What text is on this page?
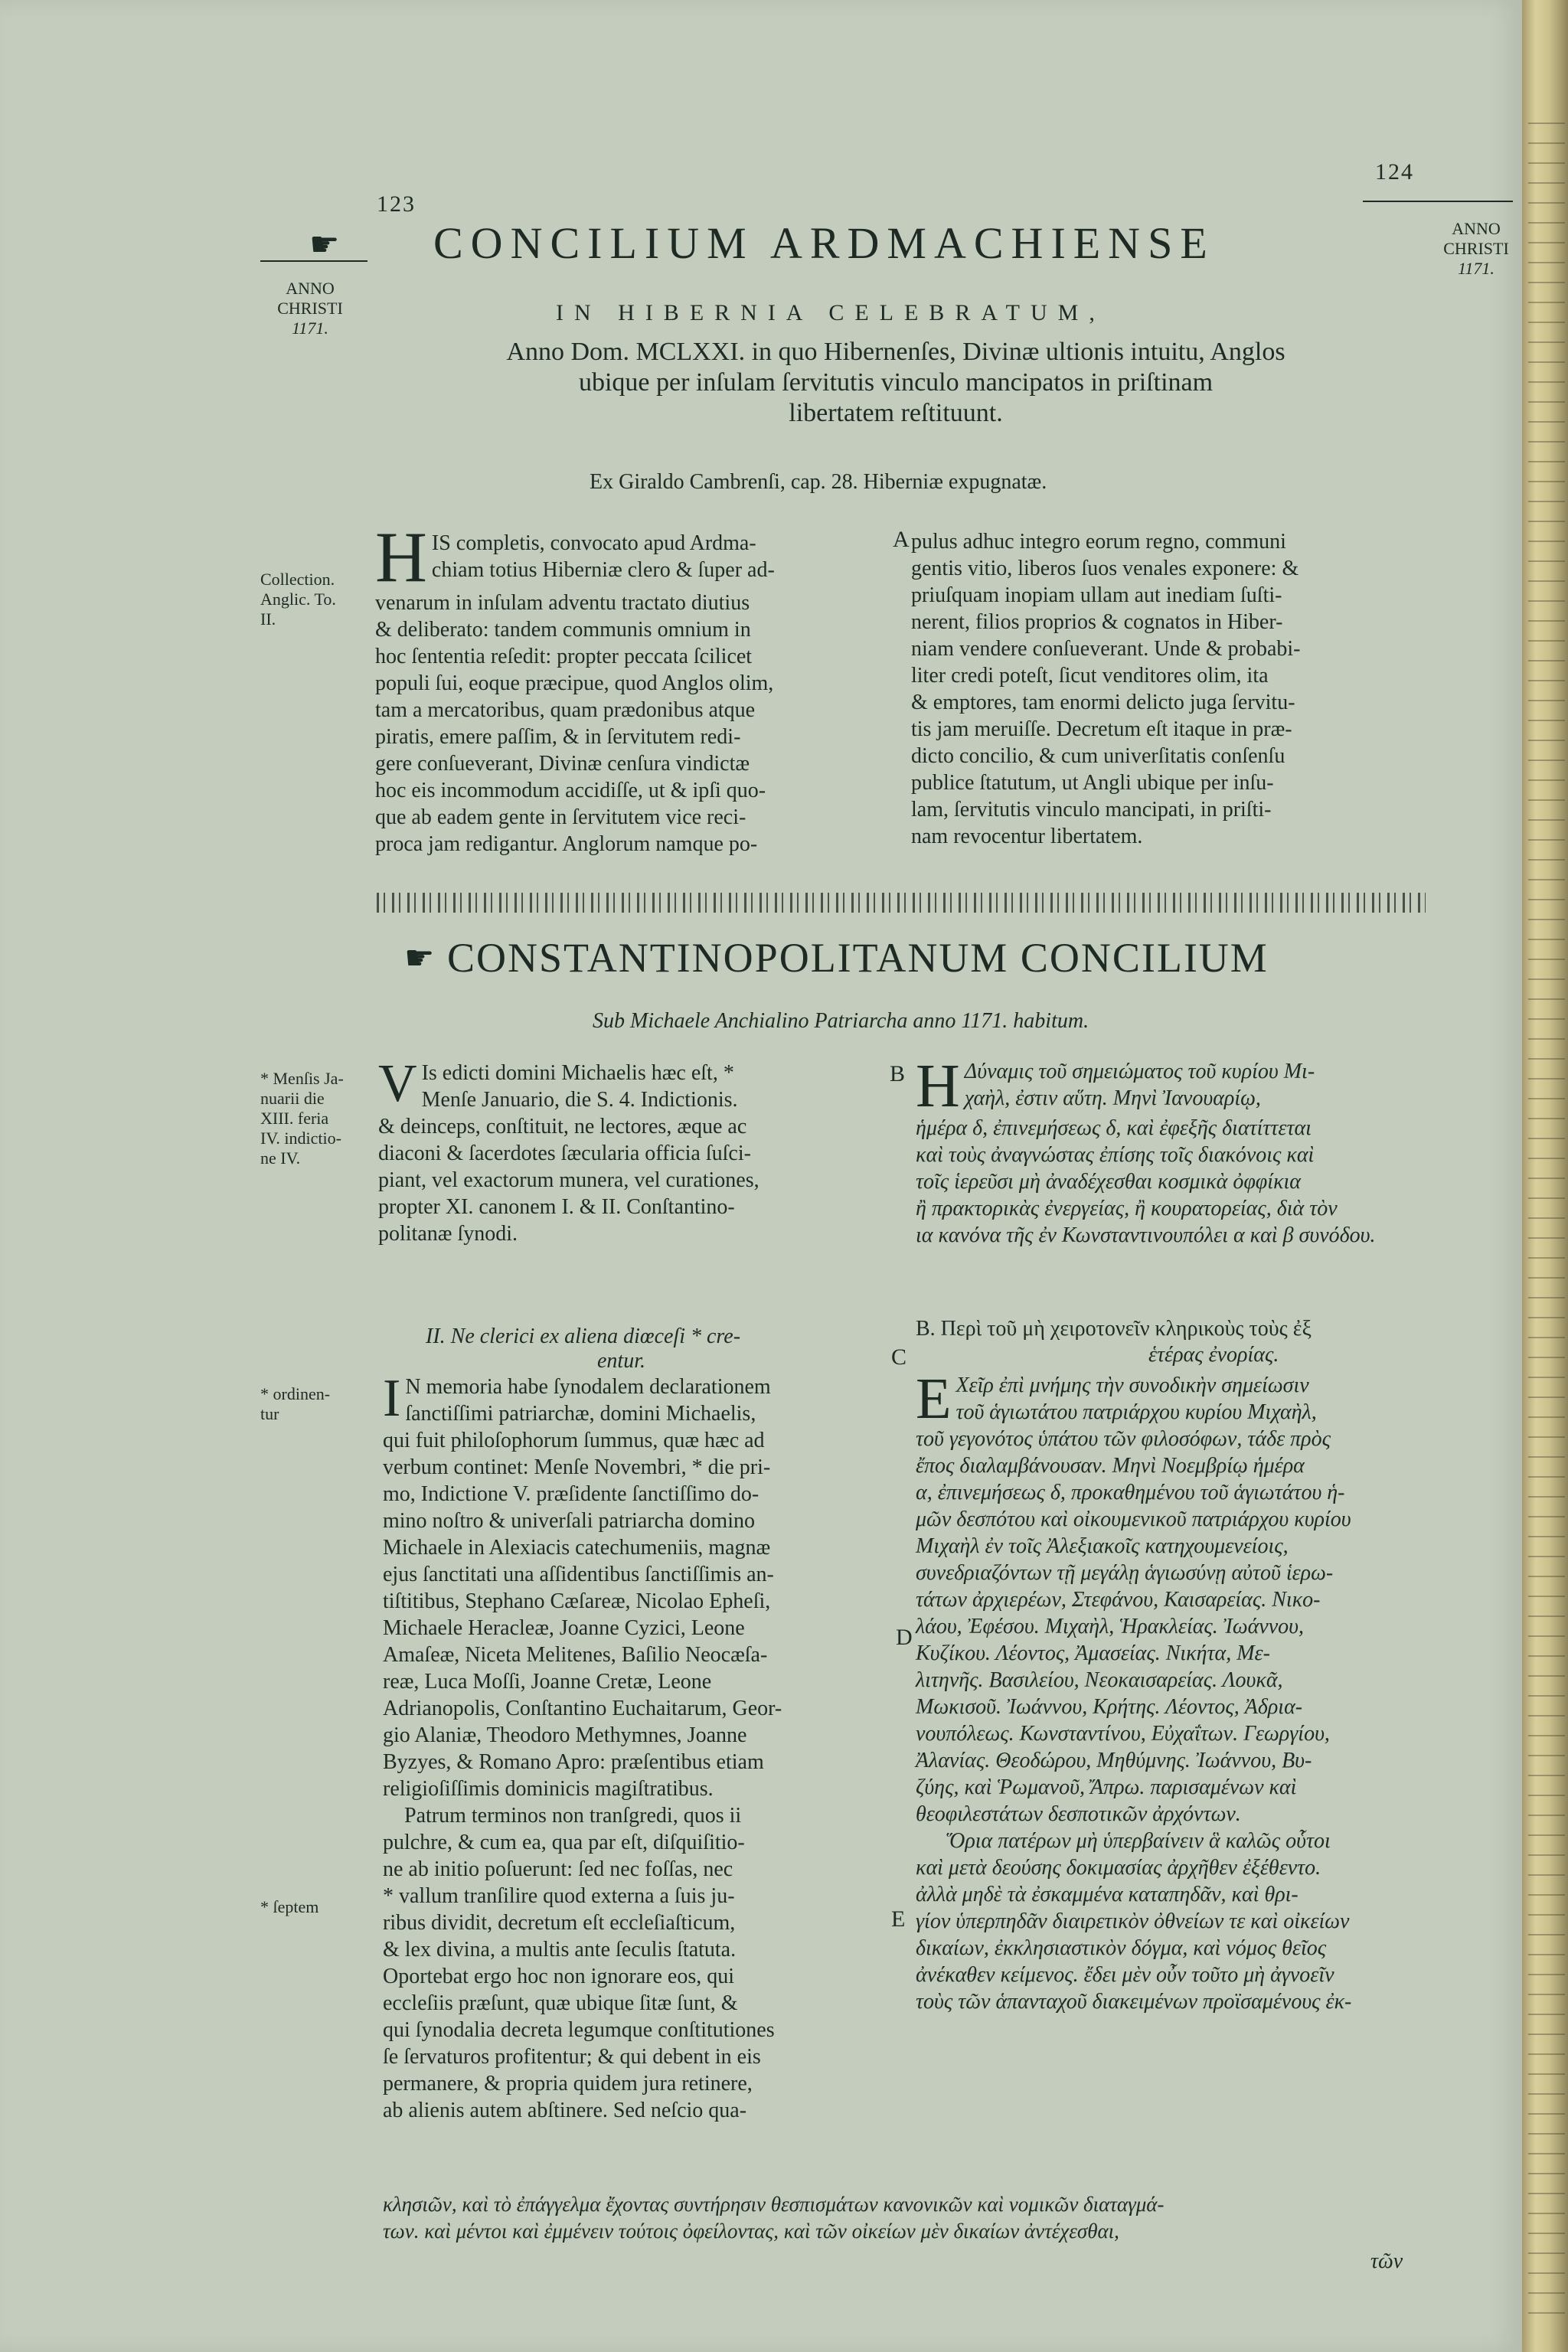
123
124
☛
ANNO
CHRISTI
1171.
ANNO
CHRISTI
1171.
CONCILIUM ARDMACHIENSE
IN HIBERNIA CELEBRATUM,
Anno Dom. MCLXXI. in quo Hibernenſes, Divinæ ultionis intuitu, Anglos
ubique per inſulam ſervitutis vinculo mancipatos in priſtinam
libertatem reſtituunt.
Ex Giraldo Cambrenſi, cap. 28. Hiberniæ expugnatæ.
Collection.
Anglic. To.
II.
H IS completis, convocato apud Ardma-
chiam totius Hiberniæ clero & ſuper ad-
venarum in inſulam adventu tractato diutius
& deliberato: tandem communis omnium in
hoc ſententia reſedit: propter peccata ſcilicet
populi ſui, eoque præcipue, quod Anglos olim,
tam a mercatoribus, quam prædonibus atque
piratis, emere paſſim, & in ſervitutem redi-
gere conſueverant, Divinæ cenſura vindictæ
hoc eis incommodum accidiſſe, ut & ipſi quo-
que ab eadem gente in ſervitutem vice reci-
proca jam redigantur. Anglorum namque po-
A pulus adhuc integro eorum regno, communi
gentis vitio, liberos ſuos venales exponere: &
priuſquam inopiam ullam aut inediam ſuſti-
nerent, filios proprios & cognatos in Hiber-
niam vendere conſueverant. Unde & probabi-
liter credi poteſt, ſicut venditores olim, ita
& emptores, tam enormi delicto juga ſervitu-
tis jam meruiſſe. Decretum eſt itaque in præ-
dicto concilio, & cum univerſitatis conſenſu
publice ſtatutum, ut Angli ubique per inſu-
lam, ſervitutis vinculo mancipati, in priſti-
nam revocentur libertatem.
☛ CONSTANTINOPOLITANUM CONCILIUM
Sub Michaele Anchialino Patriarcha anno 1171. habitum.
* Menſis Ja-
nuarii die
XIII. feria
IV. indictio-
ne IV.
V Is edicti domini Michaelis hæc eſt, *
Menſe Januario, die S. 4. Indictionis.
& deinceps, conſtituit, ne lectores, æque ac
diaconi & ſacerdotes ſæcularia officia ſuſci-
piant, vel exactorum munera, vel curationes,
propter XI. canonem I. & II. Conſtantino-
politanæ ſynodi.
B Η Δύναμις τοῦ σημειώματος τοῦ κυρίου Μι-
χαὴλ, ἐστιν αὕτη. Μηνὶ Ἰανουαρίῳ,
ἡμέρα δ, ἐπινεμήσεως δ, καὶ ἐφεξῆς διατίττεται
καὶ τοὺς ἀναγνώστας ἐπίσης τοῖς διακόνοις καὶ
τοῖς ἱερεῦσι μὴ ἀναδέχεσθαι κοσμικὰ ὀφφίκια
ἢ πρακτορικὰς ἐνεργείας, ἢ κουρατορείας, διὰ τὸν
ια κανόνα τῆς ἐν Κωνσταντινουπόλει α καὶ β συνόδου.
II. Ne clerici ex aliena diœceſi * cre-
entur.
B. Περὶ τοῦ μὴ χειροτονεῖν κληρικοὺς τοὺς ἐξ
ἑτέρας ἐνορίας.
C
* ordinen-
tur
* ſeptem
I N memoria habe ſynodalem declarationem
ſanctiſſimi patriarchæ, domini Michaelis,
qui fuit philoſophorum ſummus, quæ hæc ad
verbum continet: Menſe Novembri, * die pri-
mo, Indictione V. præſidente ſanctiſſimo do-
mino noſtro & univerſali patriarcha domino
Michaele in Alexiacis catechumeniis, magnæ
ejus ſanctitati una aſſidentibus ſanctiſſimis an-
tiſtitibus, Stephano Cæſareæ, Nicolao Epheſi,
Michaele Heracleæ, Joanne Cyzici, Leone
Amaſeæ, Niceta Melitenes, Baſilio Neocæſa-
reæ, Luca Moſſi, Joanne Cretæ, Leone
Adrianopolis, Conſtantino Euchaitarum, Geor-
gio Alaniæ, Theodoro Methymnes, Joanne
Byzyes, & Romano Apro: præſentibus etiam
religioſiſſimis dominicis magiſtratibus.
Patrum terminos non tranſgredi, quos ii
pulchre, & cum ea, qua par eſt, diſquiſitio-
ne ab initio poſuerunt: ſed nec foſſas, nec
* vallum tranſilire quod externa a ſuis ju-
ribus dividit, decretum eſt eccleſiaſticum,
& lex divina, a multis ante ſeculis ſtatuta.
Oportebat ergo hoc non ignorare eos, qui
eccleſiis præſunt, quæ ubique ſitæ ſunt, &
qui ſynodalia decreta legumque conſtitutiones
ſe ſervaturos profitentur; & qui debent in eis
permanere, & propria quidem jura retinere,
ab alienis autem abſtinere. Sed neſcio qua-
D
E
Ε Χεῖρ ἐπὶ μνήμης τὴν συνοδικὴν σημείωσιν
τοῦ ἁγιωτάτου πατριάρχου κυρίου Μιχαὴλ,
τοῦ γεγονότος ὑπάτου τῶν φιλοσόφων, τάδε πρὸς
ἔπος διαλαμβάνουσαν. Μηνὶ Νοεμβρίῳ ἡμέρα
α, ἐπινεμήσεως δ, προκαθημένου τοῦ ἁγιωτάτου ἡ-
μῶν δεσπότου καὶ οἰκουμενικοῦ πατριάρχου κυρίου
Μιχαὴλ ἐν τοῖς Ἀλεξιακοῖς κατηχουμενείοις,
συνεδριαζόντων τῇ μεγάλῃ ἁγιωσύνῃ αὐτοῦ ἱερω-
τάτων ἀρχιερέων, Στεφάνου, Καισαρείας. Νικο-
λάου, Ἐφέσου. Μιχαὴλ, Ἡρακλείας. Ἰωάννου,
Κυζίκου. Λέοντος, Ἀμασείας. Νικήτα, Με-
λιτηνῆς. Βασιλείου, Νεοκαισαρείας. Λουκᾶ,
Μωκισοῦ. Ἰωάννου, Κρήτης. Λέοντος, Ἀδρια-
νουπόλεως. Κωνσταντίνου, Εὐχαΐτων. Γεωργίου,
Ἀλανίας. Θεοδώρου, Μηθύμνης. Ἰωάννου, Βυ-
ζύης, καὶ Ῥωμανοῦ, Ἄπρω. παρισαμένων καὶ
θεοφιλεστάτων δεσποτικῶν ἀρχόντων.
Ὅρια πατέρων μὴ ὑπερβαίνειν ἃ καλῶς οὗτοι
καὶ μετὰ δεούσης δοκιμασίας ἀρχῆθεν ἐξέθεντο.
ἀλλὰ μηδὲ τὰ ἐσκαμμένα καταπηδᾶν, καὶ θρι-
γίον ὑπερπηδᾶν διαιρετικὸν ὀθνείων τε καὶ οἰκείων
δικαίων, ἐκκλησιαστικὸν δόγμα, καὶ νόμος θεῖος
ἀνέκαθεν κείμενος. ἔδει μὲν οὖν τοῦτο μὴ ἀγνοεῖν
τοὺς τῶν ἁπανταχοῦ διακειμένων προϊσαμένους ἐκ-
κλησιῶν, καὶ τὸ ἐπάγγελμα ἔχοντας συντήρησιν θεσπισμάτων κανονικῶν καὶ νομικῶν διαταγμά-
των. καὶ μέντοι καὶ ἐμμένειν τούτοις ὀφείλοντας, καὶ τῶν οἰκείων μὲν δικαίων ἀντέχεσθαι,
τῶν
